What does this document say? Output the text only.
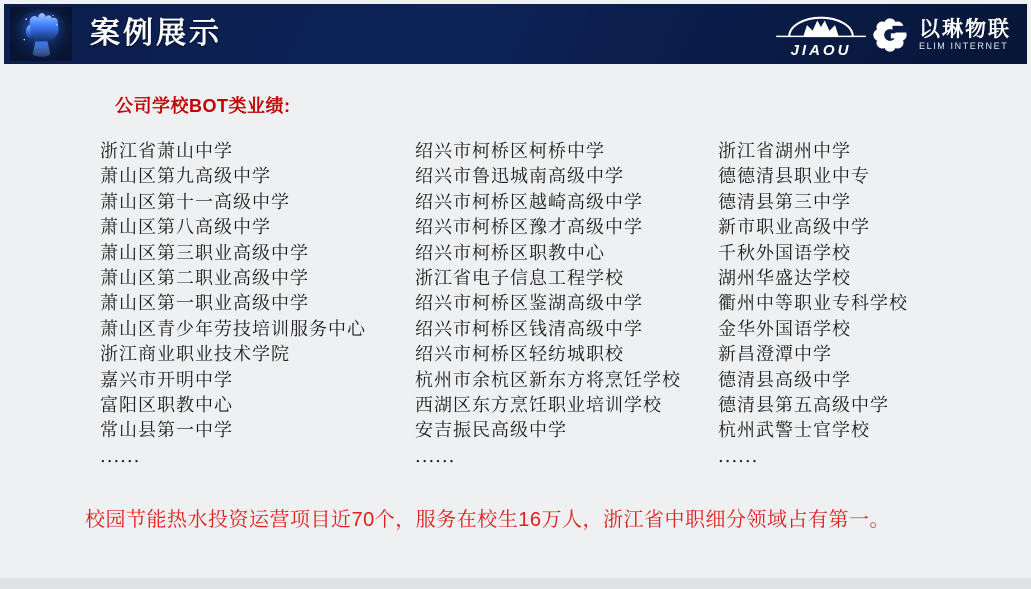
案例展示
JIAOU
以琳物联
ELIM INTERNET
公司学校BOT类业绩:
浙江省萧山中学
萧山区第九高级中学
萧山区第十一高级中学
萧山区第八高级中学
萧山区第三职业高级中学
萧山区第二职业高级中学
萧山区第一职业高级中学
萧山区青少年劳技培训服务中心
浙江商业职业技术学院
嘉兴市开明中学
富阳区职教中心
常山县第一中学
......
绍兴市柯桥区柯桥中学
绍兴市鲁迅城南高级中学
绍兴市柯桥区越崎高级中学
绍兴市柯桥区豫才高级中学
绍兴市柯桥区职教中心
浙江省电子信息工程学校
绍兴市柯桥区鉴湖高级中学
绍兴市柯桥区钱清高级中学
绍兴市柯桥区轻纺城职校
杭州市余杭区新东方将烹饪学校
西湖区东方烹饪职业培训学校
安吉振民高级中学
......
浙江省湖州中学
德德清县职业中专
德清县第三中学
新市职业高级中学
千秋外国语学校
湖州华盛达学校
衢州中等职业专科学校
金华外国语学校
新昌澄潭中学
德清县高级中学
德清县第五高级中学
杭州武警士官学校
......
校园节能热水投资运营项目近70个，服务在校生16万人，浙江省中职细分领域占有第一。
